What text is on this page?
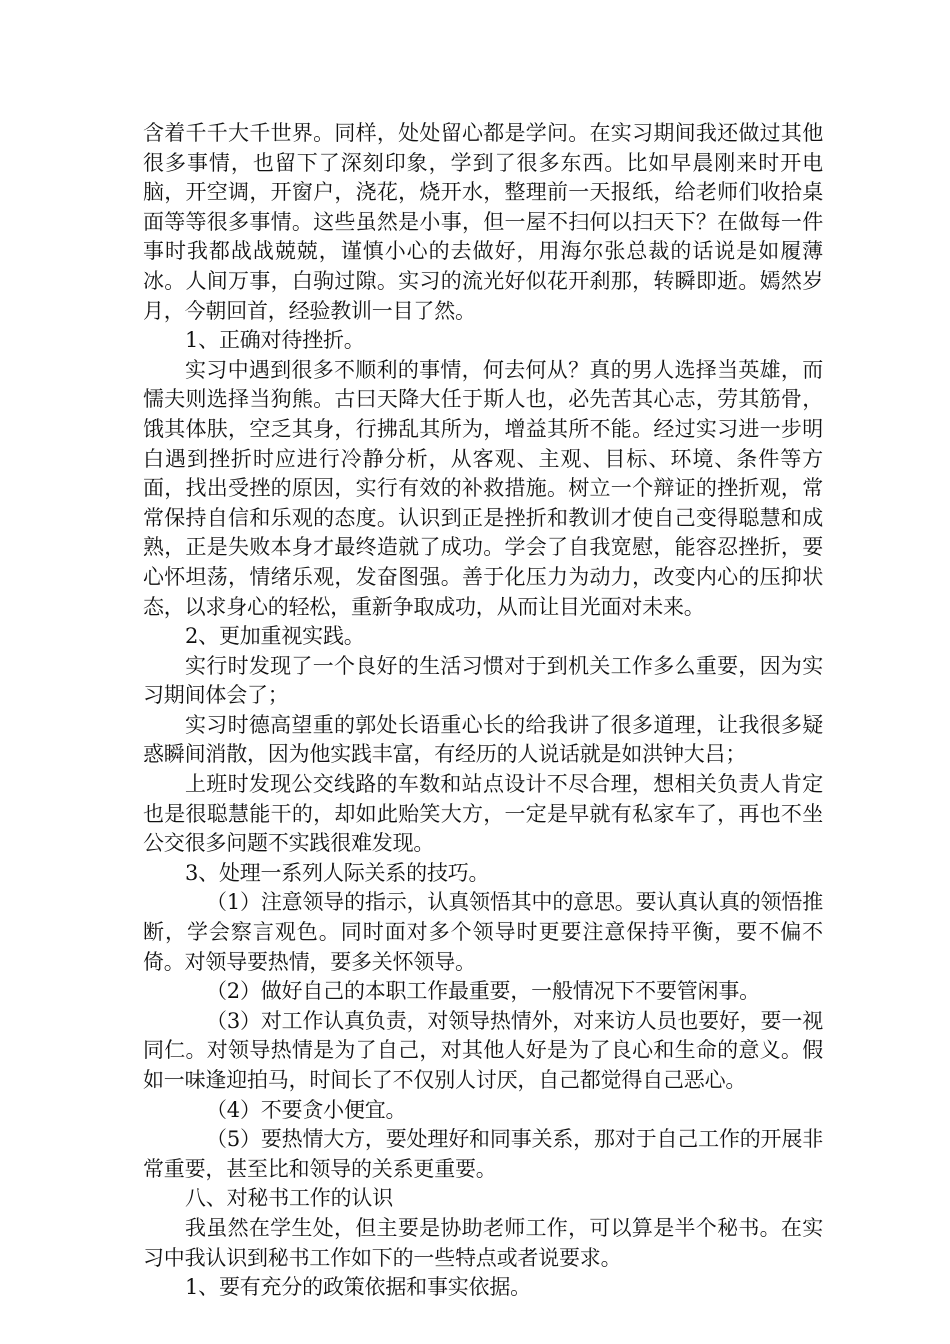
含着千千大千世界。同样，处处留心都是学问。在实习期间我还做过其他很多事情，也留下了深刻印象，学到了很多东西。比如早晨刚来时开电脑，开空调，开窗户，浇花，烧开水，整理前一天报纸，给老师们收拾桌面等等很多事情。这些虽然是小事，但一屋不扫何以扫天下？在做每一件事时我都战战兢兢，谨慎小心的去做好，用海尔张总裁的话说是如履薄冰。人间万事，白驹过隙。实习的流光好似花开刹那，转瞬即逝。嫣然岁月，今朝回首，经验教训一目了然。

1、正确对待挫折。

实习中遇到很多不顺利的事情，何去何从？真的男人选择当英雄，而懦夫则选择当狗熊。古曰天降大任于斯人也，必先苦其心志，劳其筋骨，饿其体肤，空乏其身，行拂乱其所为，增益其所不能。经过实习进一步明白遇到挫折时应进行冷静分析，从客观、主观、目标、环境、条件等方面，找出受挫的原因，实行有效的补救措施。树立一个辩证的挫折观，常常保持自信和乐观的态度。认识到正是挫折和教训才使自己变得聪慧和成熟，正是失败本身才最终造就了成功。学会了自我宽慰，能容忍挫折，要心怀坦荡，情绪乐观，发奋图强。善于化压力为动力，改变内心的压抑状态，以求身心的轻松，重新争取成功，从而让目光面对未来。

2、更加重视实践。

实行时发现了一个良好的生活习惯对于到机关工作多么重要，因为实习期间体会了；

实习时德高望重的郭处长语重心长的给我讲了很多道理，让我很多疑惑瞬间消散，因为他实践丰富，有经历的人说话就是如洪钟大吕；

上班时发现公交线路的车数和站点设计不尽合理，想相关负责人肯定也是很聪慧能干的，却如此贻笑大方，一定是早就有私家车了，再也不坐公交很多问题不实践很难发现。

3、处理一系列人际关系的技巧。

（1）注意领导的指示，认真领悟其中的意思。要认真认真的领悟推断，学会察言观色。同时面对多个领导时更要注意保持平衡，要不偏不倚。对领导要热情，要多关怀领导。

（2）做好自己的本职工作最重要，一般情况下不要管闲事。

（3）对工作认真负责，对领导热情外，对来访人员也要好，要一视同仁。对领导热情是为了自己，对其他人好是为了良心和生命的意义。假如一味逢迎拍马，时间长了不仅别人讨厌，自己都觉得自己恶心。

（4）不要贪小便宜。

（5）要热情大方，要处理好和同事关系，那对于自己工作的开展非常重要，甚至比和领导的关系更重要。

八、对秘书工作的认识

我虽然在学生处，但主要是协助老师工作，可以算是半个秘书。在实习中我认识到秘书工作如下的一些特点或者说要求。

1、要有充分的政策依据和事实依据。
